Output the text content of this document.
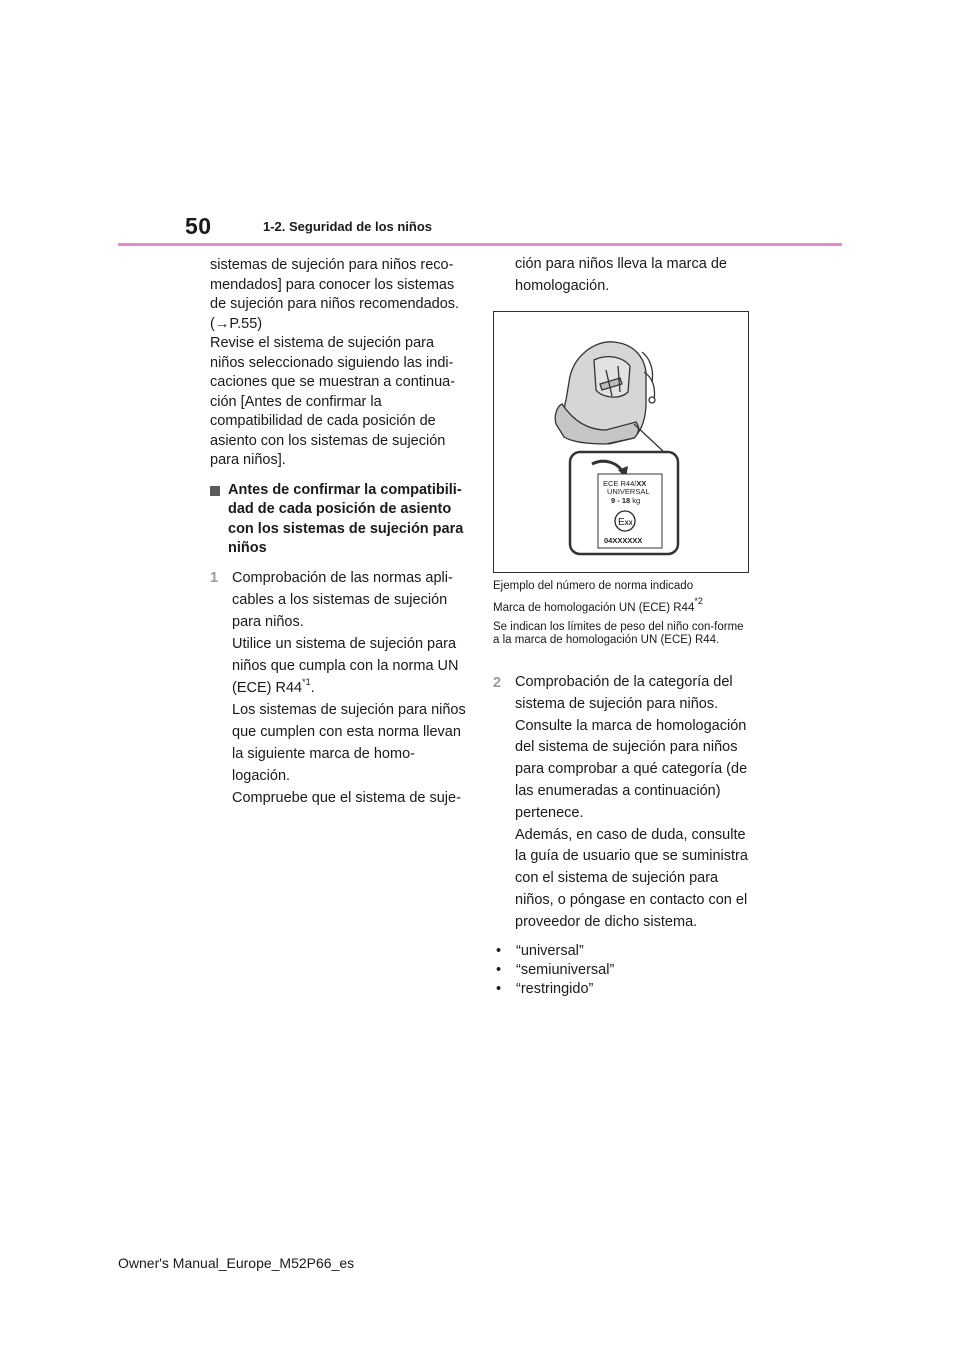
50	1-2. Seguridad de los niños

sistemas de sujeción para niños reco-mendados] para conocer los sistemas de sujeción para niños recomendados. (→P.55)

Revise el sistema de sujeción para niños seleccionado siguiendo las indi-caciones que se muestran a continua-ción [Antes de confirmar la compatibilidad de cada posición de asiento con los sistemas de sujeción para niños].

Antes de confirmar la compatibili-dad de cada posición de asiento con los sistemas de sujeción para niños

1 Comprobación de las normas apli-cables a los sistemas de sujeción para niños.

Utilice un sistema de sujeción para niños que cumpla con la norma UN (ECE) R44$^{*1}$.

Los sistemas de sujeción para niños que cumplen con esta norma llevan la siguiente marca de homo-logación.

Compruebe que el sistema de suje-

ción para niños lleva la marca de homologación.

ECE R44/XX
UNIVERSAL
9 - 18 kg
EXX
04XXXXXX
Ejemplo del número de norma indicado
Marca de homologación UN (ECE) R44$^{*2}$
Se indican los límites de peso del niño con-forme a la marca de homologación UN (ECE) R44.
2 Comprobación de la categoría del sistema de sujeción para niños.

Consulte la marca de homologación del sistema de sujeción para niños para comprobar a qué categoría (de las enumeradas a continuación) pertenece.

Además, en caso de duda, consulte la guía de usuario que se suministra con el sistema de sujeción para niños, o póngase en contacto con el proveedor de dicho sistema.

•	“universal”
•	“semiuniversal”
•	“restringido”
Owner's Manual_Europe_M52P66_es
